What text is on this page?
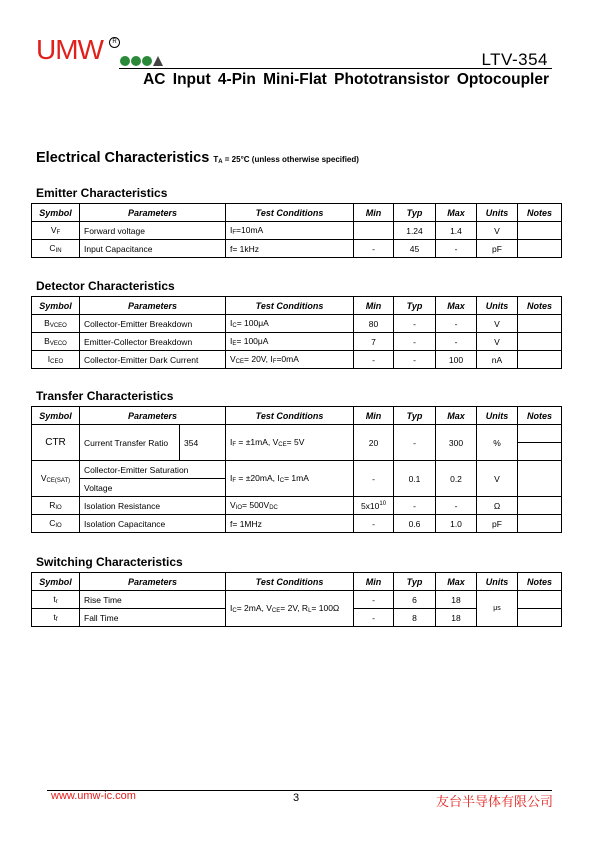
UMW	R
LTV-354
AC Input 4-Pin Mini-Flat Phototransistor Optocoupler
Electrical Characteristics $T_A = 25^\circ C$ (unless otherwise specified)
Emitter Characteristics
Symbol	Parameters	Test Conditions	Min	Typ	Max	Units	Notes
$V_F$	Forward voltage	$I_F=10mA$		1.24	1.4	V	
$C_{IN}$	Input Capacitance	f= 1kHz	-	45	-	pF	
Detector Characteristics
Symbol	Parameters	Test Conditions	Min	Typ	Max	Units	Notes
$B_{VCEO}$	Collector-Emitter Breakdown	$I_C= 100\mu A$	80	-	-	V	
$B_{VECO}$	Emitter-Collector Breakdown	$I_E= 100\mu A$	7	-	-	V	
$I_{CEO}$	Collector-Emitter Dark Current	$V_{CE}= 20V$, $I_F=0mA$	-	-	100	nA	
Transfer Characteristics
Symbol	Parameters		Test Conditions	Min	Typ	Max	Units	Notes
CTR	Current Transfer Ratio	354	$I_F = \pm 1mA$, $V_{CE}= 5V$	20	-	300	%	

$V_{CE(SAT)}$	Collector-Emitter Saturation		$I_F = \pm 20mA$, $I_C= 1mA$	-	0.1	0.2	V	
	Voltage							
$R_{IO}$	Isolation Resistance		$V_{IO}= 500V_{DC}$	$5x10^{10}$	-	-	Ω	
$C_{IO}$	Isolation Capacitance		f= 1MHz	-	0.6	1.0	pF	
Switching Characteristics
Symbol	Parameters	Test Conditions	Min	Typ	Max	Units	Notes
$t_r$	Rise Time	$I_C= 2mA$, $V_{CE}= 2V$, $R_L= 100\Omega$	-	6	18	μs	
$t_f$	Fall Time		-	8	18		
www.umw-ic.com	3	友台半导体有限公司
